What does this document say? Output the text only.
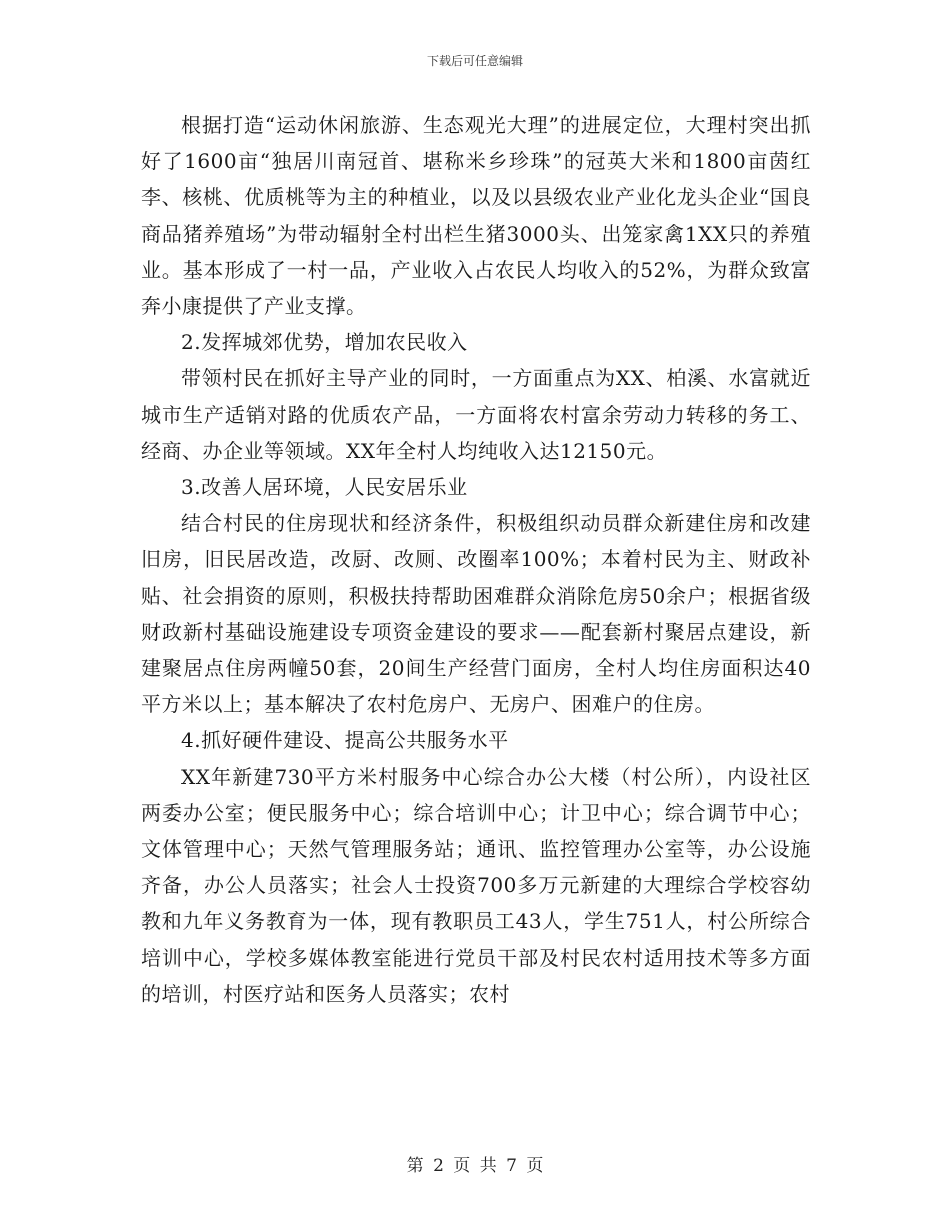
下载后可任意编辑

根据打造“运动休闲旅游、生态观光大理”的进展定位，大理村突出抓好了1600亩“独居川南冠首、堪称米乡珍珠”的冠英大米和1800亩茵红李、核桃、优质桃等为主的种植业，以及以县级农业产业化龙头企业“国良商品猪养殖场”为带动辐射全村出栏生猪3000头、出笼家禽1XX只的养殖业。基本形成了一村一品，产业收入占农民人均收入的52%，为群众致富奔小康提供了产业支撑。

2.发挥城郊优势，增加农民收入

带领村民在抓好主导产业的同时，一方面重点为XX、柏溪、水富就近城市生产适销对路的优质农产品，一方面将农村富余劳动力转移的务工、经商、办企业等领域。XX年全村人均纯收入达12150元。

3.改善人居环境，人民安居乐业

结合村民的住房现状和经济条件，积极组织动员群众新建住房和改建旧房，旧民居改造，改厨、改厕、改圈率100%；本着村民为主、财政补贴、社会捐资的原则，积极扶持帮助困难群众消除危房50余户；根据省级财政新村基础设施建设专项资金建设的要求——配套新村聚居点建设，新建聚居点住房两幢50套，20间生产经营门面房，全村人均住房面积达40平方米以上；基本解决了农村危房户、无房户、困难户的住房。

4.抓好硬件建设、提高公共服务水平

XX年新建730平方米村服务中心综合办公大楼（村公所），内设社区两委办公室；便民服务中心；综合培训中心；计卫中心；综合调节中心；文体管理中心；天然气管理服务站；通讯、监控管理办公室等，办公设施齐备，办公人员落实；社会人士投资700多万元新建的大理综合学校容幼教和九年义务教育为一体，现有教职员工43人，学生751人，村公所综合培训中心，学校多媒体教室能进行党员干部及村民农村适用技术等多方面的培训，村医疗站和医务人员落实；农村

第 2 页 共 7 页
